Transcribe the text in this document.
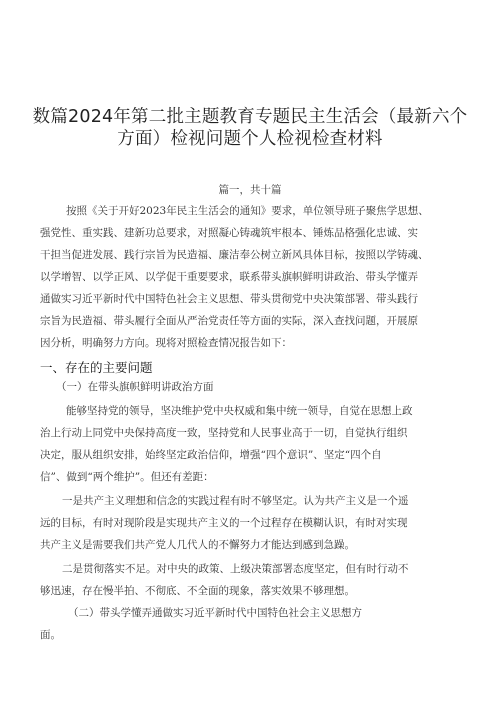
数篇2024年第二批主题教育专题民主生活会（最新六个
方面）检视问题个人检视检查材料
篇一，共十篇
按照《关于开好2023年民主生活会的通知》要求，单位领导班子聚焦学思想、
强党性、重实践、建新功总要求，对照凝心铸魂筑牢根本、锤炼品格强化忠诚、实
干担当促进发展、践行宗旨为民造福、廉洁奉公树立新风具体目标，按照以学铸魂、
以学增智、以学正风、以学促干重要要求，联系带头旗帜鲜明讲政治、带头学懂弄
通做实习近平新时代中国特色社会主义思想、带头贯彻党中央决策部署、带头践行
宗旨为民造福、带头履行全面从严治党责任等方面的实际，深入查找问题，开展原
因分析，明确努力方向。现将对照检查情况报告如下：
一、存在的主要问题
（一）在带头旗帜鲜明讲政治方面
能够坚持党的领导，坚决维护党中央权威和集中统一领导，自觉在思想上政
治上行动上同党中央保持高度一致，坚持党和人民事业高于一切，自觉执行组织
决定，服从组织安排，始终坚定政治信仰，增强“四个意识”、坚定“四个自
信”、做到“两个维护”。但还有差距：
一是共产主义理想和信念的实践过程有时不够坚定。认为共产主义是一个遥
远的目标，有时对现阶段是实现共产主义的一个过程存在模糊认识，有时对实现
共产主义是需要我们共产党人几代人的不懈努力才能达到感到急躁。
二是贯彻落实不足。对中央的政策、上级决策部署态度坚定，但有时行动不
够迅速，存在慢半拍、不彻底、不全面的现象，落实效果不够理想。
（二）带头学懂弄通做实习近平新时代中国特色社会主义思想方
面。
